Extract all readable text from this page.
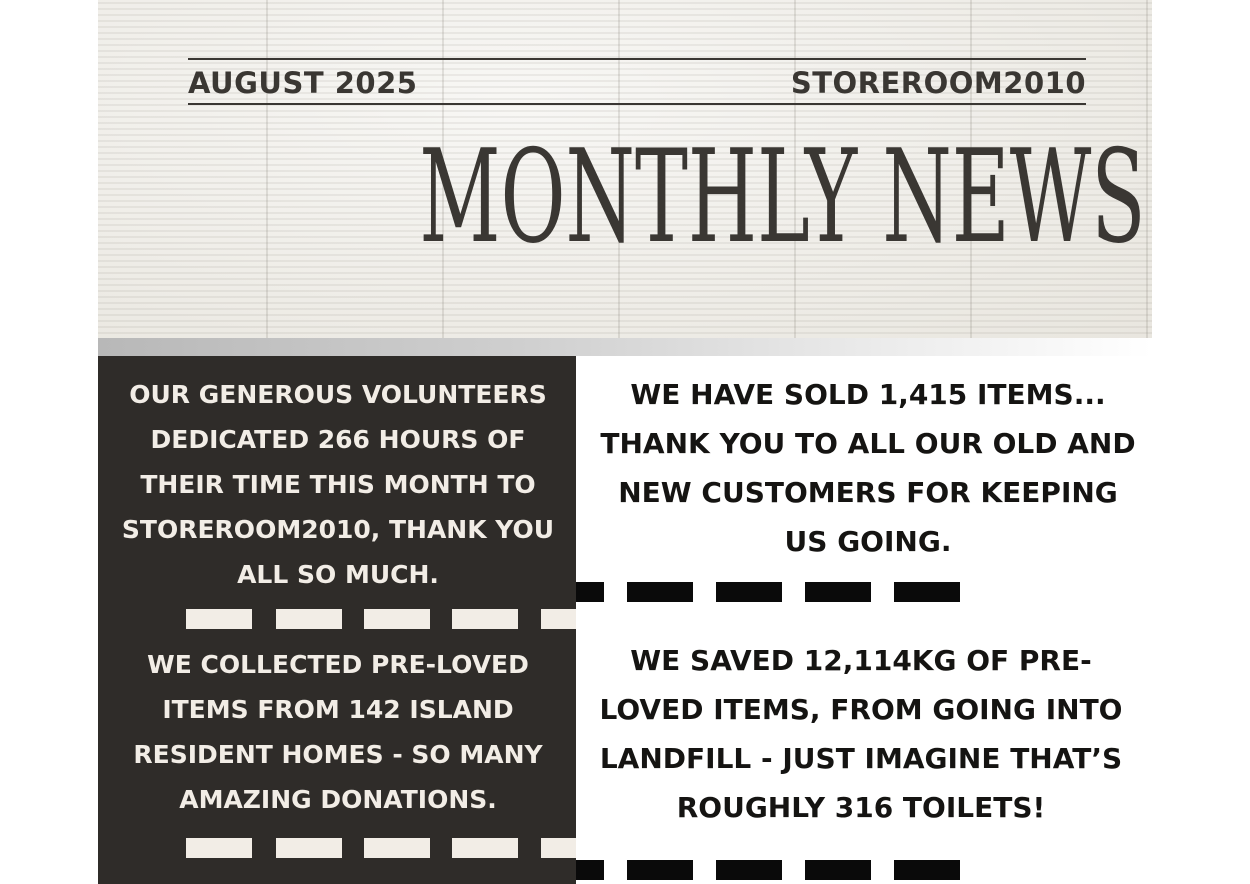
AUGUST 2025	STOREROOM2010
MONTHLY NEWS
OUR GENEROUS VOLUNTEERS DEDICATED 266 HOURS OF THEIR TIME THIS MONTH TO STOREROOM2010, THANK YOU ALL SO MUCH.
WE HAVE SOLD 1,415 ITEMS... THANK YOU TO ALL OUR OLD AND NEW CUSTOMERS FOR KEEPING US GOING.
WE COLLECTED PRE-LOVED ITEMS FROM 142 ISLAND RESIDENT HOMES - SO MANY AMAZING DONATIONS.
WE SAVED 12,114KG OF PRE-LOVED ITEMS, FROM GOING INTO LANDFILL - JUST IMAGINE THAT’S ROUGHLY 316 TOILETS!
